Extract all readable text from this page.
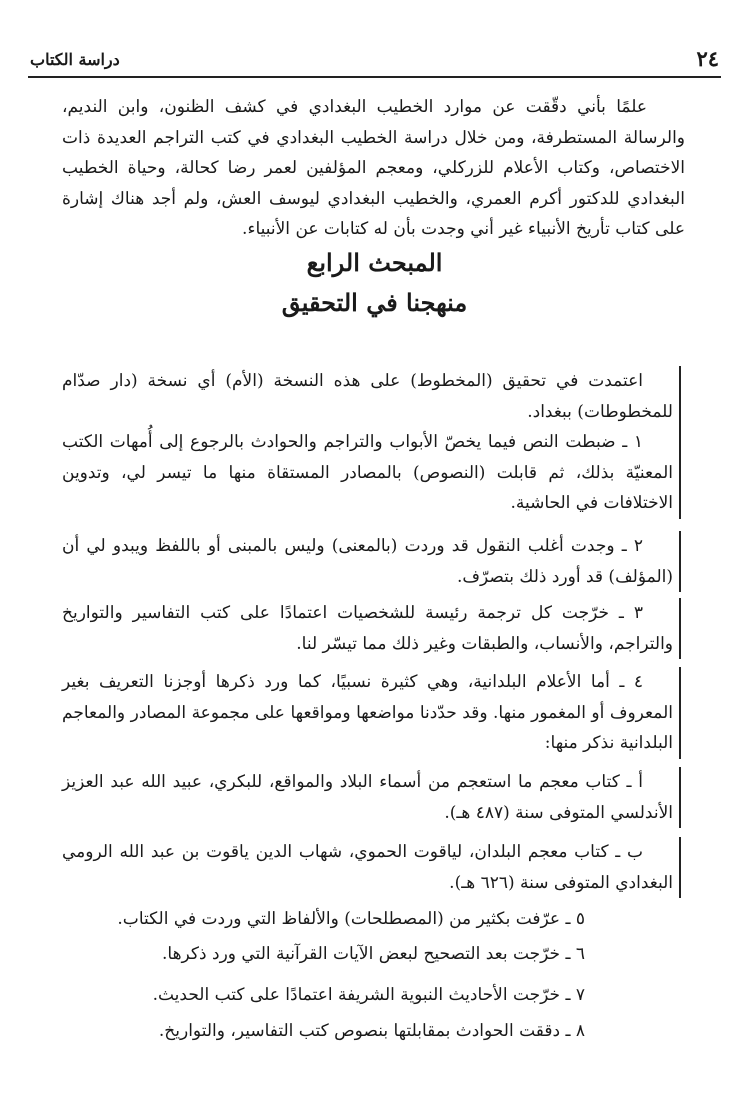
٢٤
دراسة الكتاب

علمًا بأني دقّقت عن موارد الخطيب البغدادي في كشف الظنون، وابن النديم، والرسالة المستطرفة، ومن خلال دراسة الخطيب البغدادي في كتب التراجم العديدة ذات الاختصاص، وكتاب الأعلام للزركلي، ومعجم المؤلفين لعمر رضا كحالة، وحياة الخطيب البغدادي للدكتور أكرم العمري، والخطيب البغدادي ليوسف العش، ولم أجد هناك إشارة على كتاب تأريخ الأنبياء غير أني وجدت بأن له كتابات عن الأنبياء.

المبحث الرابع
منهجنا في التحقيق

اعتمدت في تحقيق (المخطوط) على هذه النسخة (الأم) أي نسخة (دار صدّام للمخطوطات) ببغداد.

١ ـ ضبطت النص فيما يخصّ الأبواب والتراجم والحوادث بالرجوع إلى أُمهات الكتب المعنيّة بذلك، ثم قابلت (النصوص) بالمصادر المستقاة منها ما تيسر لي، وتدوين الاختلافات في الحاشية.

٢ ـ وجدت أغلب النقول قد وردت (بالمعنى) وليس بالمبنى أو باللفظ ويبدو لي أن (المؤلف) قد أورد ذلك بتصرّف.

٣ ـ خرّجت كل ترجمة رئيسة للشخصيات اعتمادًا على كتب التفاسير والتواريخ والتراجم، والأنساب، والطبقات وغير ذلك مما تيسّر لنا.

٤ ـ أما الأعلام البلدانية، وهي كثيرة نسبيًا، كما ورد ذكرها أوجزنا التعريف بغير المعروف أو المغمور منها. وقد حدّدنا مواضعها ومواقعها على مجموعة المصادر والمعاجم البلدانية نذكر منها:

أ ـ كتاب معجم ما استعجم من أسماء البلاد والمواقع، للبكري، عبيد الله عبد العزيز الأندلسي المتوفى سنة (٤٨٧ هـ).

ب ـ كتاب معجم البلدان، لياقوت الحموي، شهاب الدين ياقوت بن عبد الله الرومي البغدادي المتوفى سنة (٦٢٦ هـ).

٥ ـ عرّفت بكثير من (المصطلحات) والألفاظ التي وردت في الكتاب.

٦ ـ خرّجت بعد التصحيح لبعض الآيات القرآنية التي ورد ذكرها.

٧ ـ خرّجت الأحاديث النبوية الشريفة اعتمادًا على كتب الحديث.

٨ ـ دققت الحوادث بمقابلتها بنصوص كتب التفاسير، والتواريخ.
